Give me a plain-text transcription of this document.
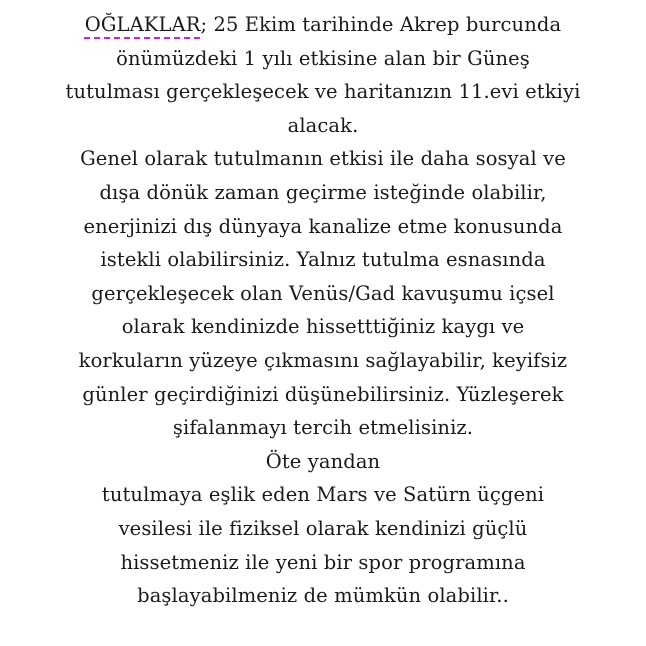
OĞLAKLAR; 25 Ekim tarihinde Akrep burcunda
önümüzdeki 1 yılı etkisine alan bir Güneş
tutulması gerçekleşecek ve haritanızın 11.evi etkiyi
alacak.
Genel olarak tutulmanın etkisi ile daha sosyal ve
dışa dönük zaman geçirme isteğinde olabilir,
enerjinizi dış dünyaya kanalize etme konusunda
istekli olabilirsiniz. Yalnız tutulma esnasında
gerçekleşecek olan Venüs/Gad kavuşumu içsel
olarak kendinizde hissetttiğiniz kaygı ve
korkuların yüzeye çıkmasını sağlayabilir, keyifsiz
günler geçirdiğinizi düşünebilirsiniz. Yüzleşerek
şifalanmayı tercih etmelisiniz.
Öte yandan
tutulmaya eşlik eden Mars ve Satürn üçgeni
vesilesi ile fiziksel olarak kendinizi güçlü
hissetmeniz ile yeni bir spor programına
başlayabilmeniz de mümkün olabilir..
